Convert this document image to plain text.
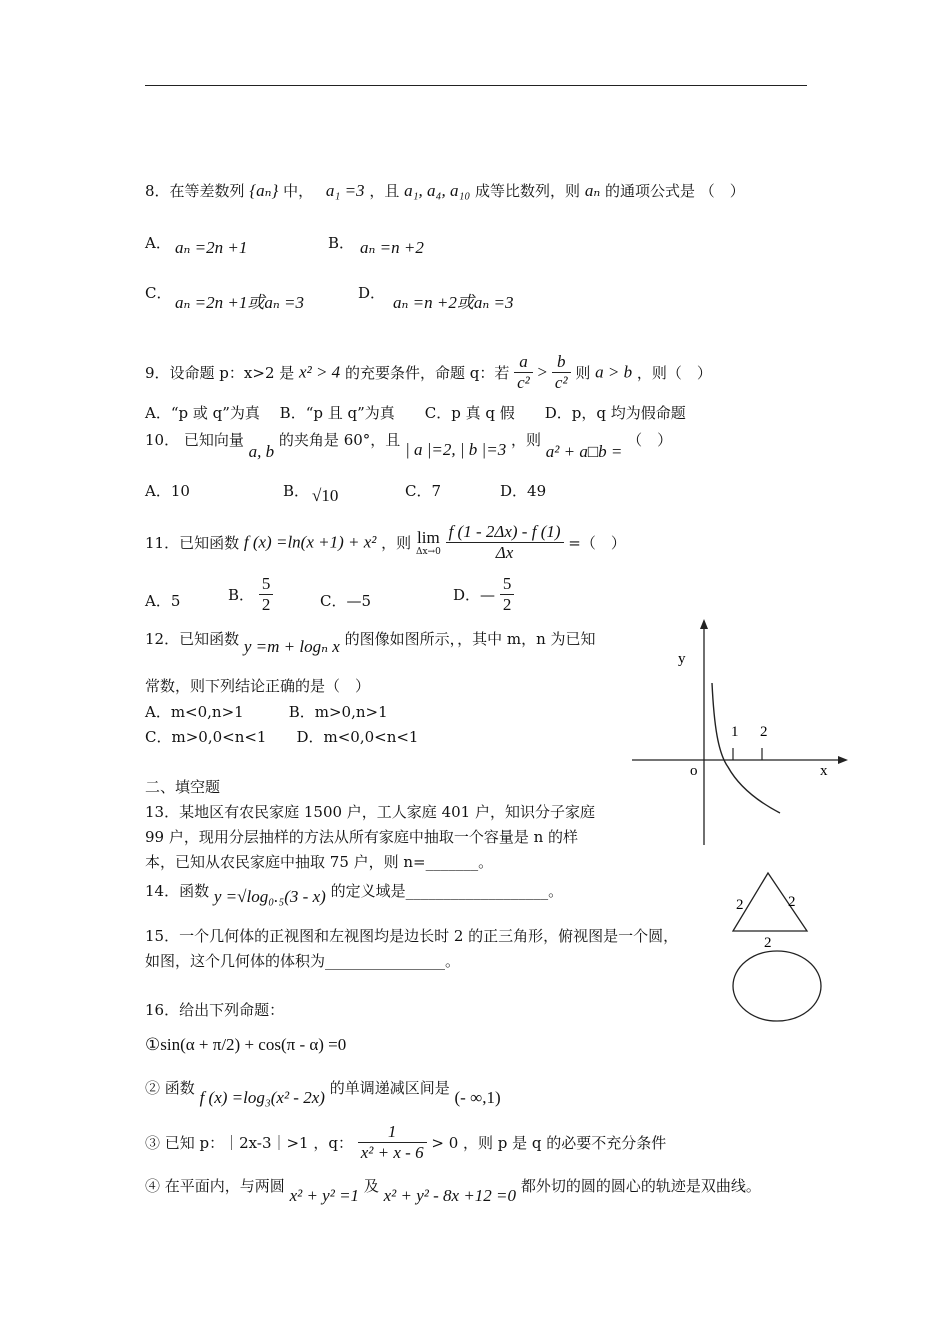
8．在等差数列 {aₙ} 中， a₁ =3 ，且 a₁, a₄, a₁₀ 成等比数列，则 aₙ 的通项公式是 （　）
A． aₙ =2n +1	B． aₙ =n +2
C． aₙ =2n +1或aₙ =3	D． aₙ =n +2或aₙ =3
9．设命题 p：x>2 是 x² > 4 的充要条件，命题 q：若 $\frac{a}{\text{c²}} > \frac{b}{\text{c²}}$ 则 a > b ，则（　）
A．“p 或 q”为真　 B．“p 且 q”为真　　C．p 真 q 假　　D．p，q 均为假命题
10． 已知向量 a, b 的夹角是 60°，且 | a |=2, | b |=3 ，则 a² + a□b = （　）
A．10	B． √10	C．7	D．49
11．已知函数 f (x) =ln(x +1) + x² ，则 lim
Δx→0
$\frac{f (1 - 2\Delta x) - f (1)}{\Delta x}$ =（　）
A．5	B． $\frac{5}{2}$	C．—5	D．— $\frac{5}{2}$
12．已知函数 y =m + logₙ x 的图像如图所示，，其中 m，n 为已知
常数，则下列结论正确的是（　）
A．m<0,n>1　　　B．m>0,n>1
C．m>0,0<n<1　　D．m<0,0<n<1
y
x
o
1 2
二、填空题
13．某地区有农民家庭 1500 户，工人家庭 401 户，知识分子家庭
99 户，现用分层抽样的方法从所有家庭中抽取一个容量是 n 的样
本，已知从农民家庭中抽取 75 户，则 n=_______。
14．函数 y =√log₀.₅(3 - x) 的定义域是___________________。
15．一个几何体的正视图和左视图均是边长时 2 的正三角形，俯视图是一个圆，
如图，这个几何体的体积为________________。
2	2
2
16．给出下列命题：
①sin(α + π/2) + cos(π - α) =0
② 函数 f (x) =log₃(x² - 2x) 的单调递减区间是 (- ∞,1)
③ 已知 p：｜2x-3｜>1 ，q： $\frac{1}{\text{x² + x - 6}} > 0$ ，则 p 是 q 的必要不充分条件
④ 在平面内，与两圆 x² + y² =1 及 x² + y² - 8x +12 =0 都外切的圆的圆心的轨迹是双曲线。
